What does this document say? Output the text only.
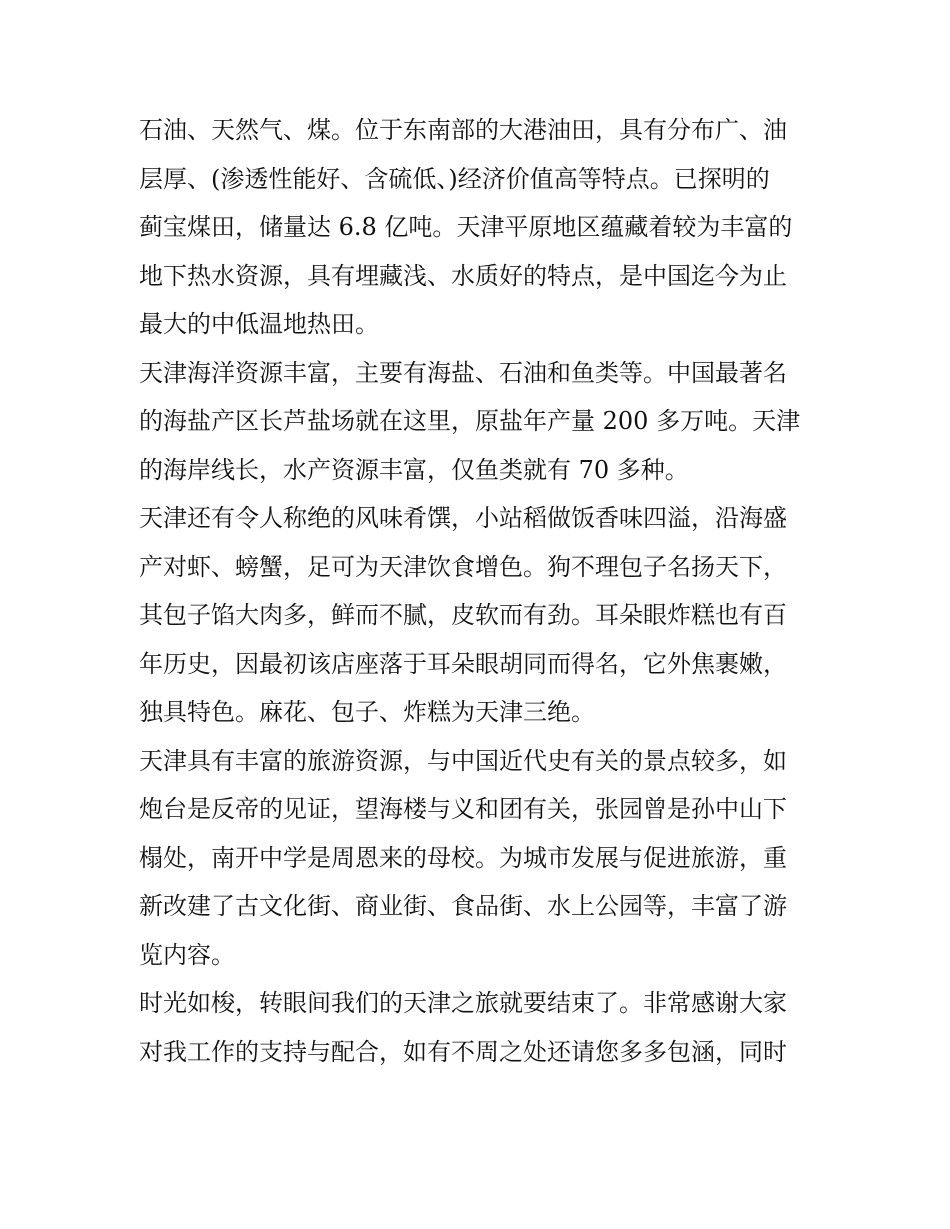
石油、天然气、煤。位于东南部的大港油田，具有分布广、油
层厚、(渗透性能好、含硫低、)经济价值高等特点。已探明的
蓟宝煤田，储量达 6.8 亿吨。天津平原地区蕴藏着较为丰富的
地下热水资源，具有埋藏浅、水质好的特点，是中国迄今为止
最大的中低温地热田。

天津海洋资源丰富，主要有海盐、石油和鱼类等。中国最著名
的海盐产区长芦盐场就在这里，原盐年产量 200 多万吨。天津
的海岸线长，水产资源丰富，仅鱼类就有 70 多种。

天津还有令人称绝的风味肴馔，小站稻做饭香味四溢，沿海盛
产对虾、螃蟹，足可为天津饮食增色。狗不理包子名扬天下，
其包子馅大肉多，鲜而不腻，皮软而有劲。耳朵眼炸糕也有百
年历史，因最初该店座落于耳朵眼胡同而得名，它外焦裹嫩，
独具特色。麻花、包子、炸糕为天津三绝。

天津具有丰富的旅游资源，与中国近代史有关的景点较多，如
炮台是反帝的见证，望海楼与义和团有关，张园曾是孙中山下
榻处，南开中学是周恩来的母校。为城市发展与促进旅游，重
新改建了古文化街、商业街、食品街、水上公园等，丰富了游
览内容。

时光如梭，转眼间我们的天津之旅就要结束了。非常感谢大家
对我工作的支持与配合，如有不周之处还请您多多包涵，同时
